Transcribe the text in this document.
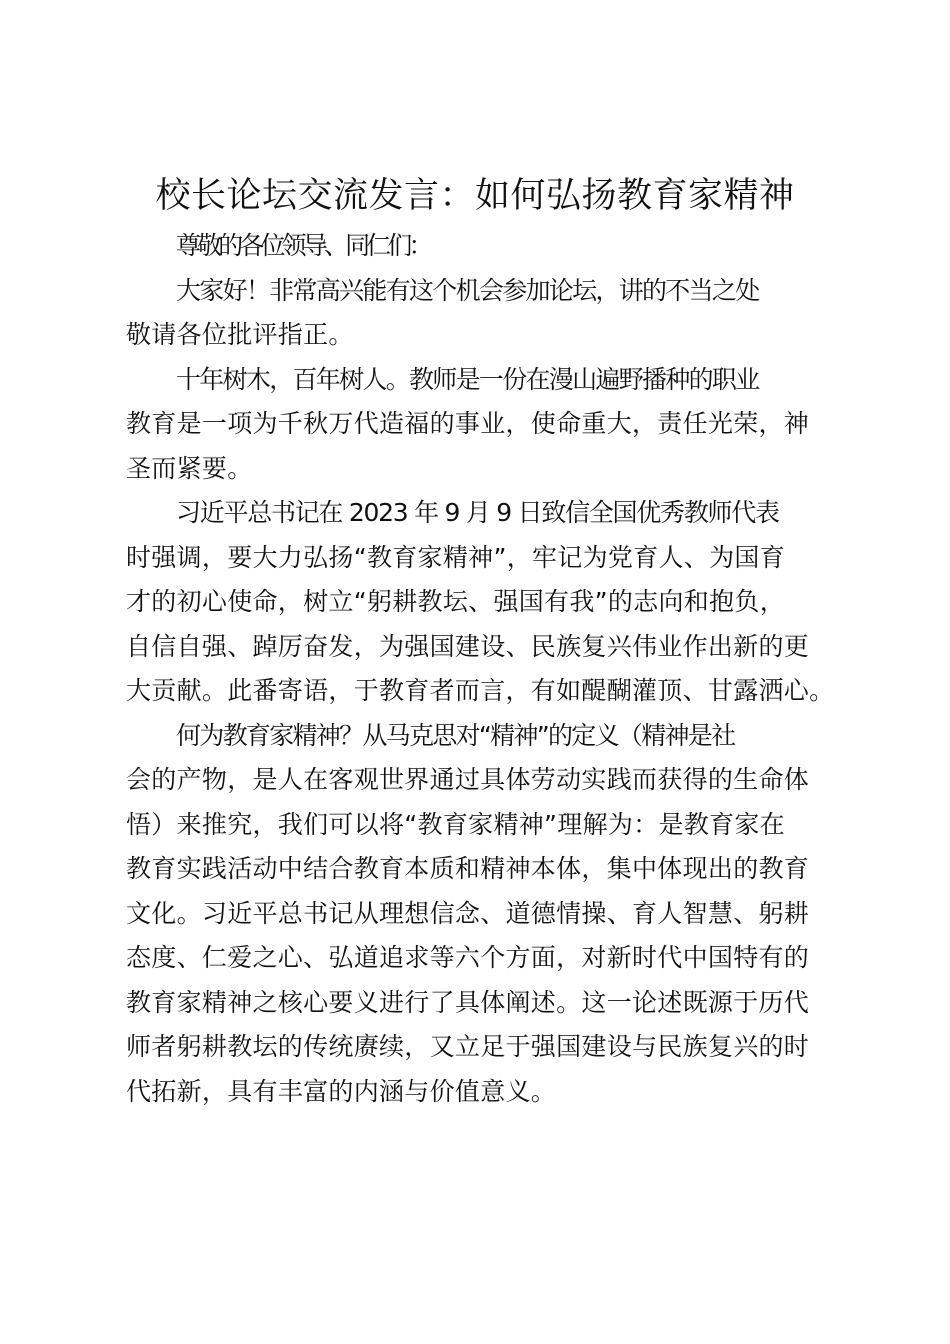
校长论坛交流发言：如何弘扬教育家精神

尊敬的各位领导、同仁们：

大家好！非常高兴能有这个机会参加论坛，讲的不当之处
敬请各位批评指正。

十年树木，百年树人。教师是一份在漫山遍野播种的职业
教育是一项为千秋万代造福的事业，使命重大，责任光荣，神
圣而紧要。

习近平总书记在 2023 年 9 月 9 日致信全国优秀教师代表
时强调，要大力弘扬“教育家精神”，牢记为党育人、为国育
才的初心使命，树立“躬耕教坛、强国有我”的志向和抱负，
自信自强、踔厉奋发，为强国建设、民族复兴伟业作出新的更
大贡献。此番寄语，于教育者而言，有如醍醐灌顶、甘露洒心。

何为教育家精神？从马克思对“精神”的定义（精神是社
会的产物，是人在客观世界通过具体劳动实践而获得的生命体
悟）来推究，我们可以将“教育家精神”理解为：是教育家在
教育实践活动中结合教育本质和精神本体，集中体现出的教育
文化。习近平总书记从理想信念、道德情操、育人智慧、躬耕
态度、仁爱之心、弘道追求等六个方面，对新时代中国特有的
教育家精神之核心要义进行了具体阐述。这一论述既源于历代
师者躬耕教坛的传统赓续，又立足于强国建设与民族复兴的时
代拓新，具有丰富的内涵与价值意义。
